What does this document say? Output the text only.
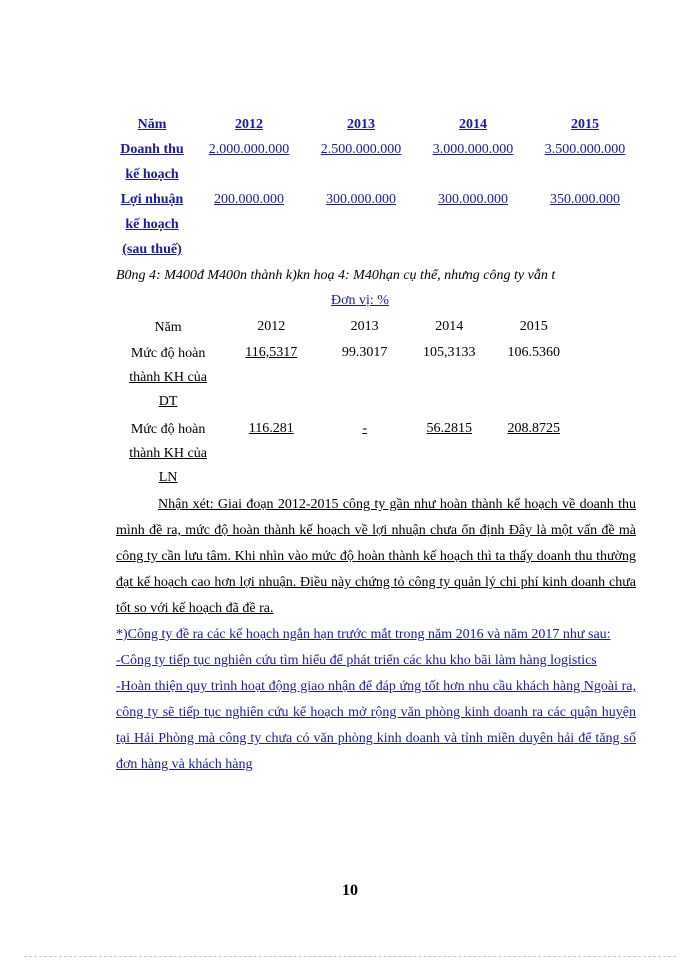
Năm	2012	2013	2014	2015
Doanh thu
kế hoạch
2.000.000.000	2.500.000.000	3.000.000.000	3.500.000.000
Lợi nhuận
kế hoạch
(sau thuế)
200.000.000	300.000.000	300.000.000	350.000.000
B0ng 4: M400đ M400n thành k)kn hoạ 4: M40hạn cụ thể, nhưng công ty vẫn t
Đơn vị: %
Năm	2012	2013	2014	2015
Mức độ hoàn
thành KH của
DT
116,5317	99.3017	105,3133	106.5360
Mức độ hoàn
thành KH của
LN
116.281	-	56.2815	208.8725

Nhận xét: Giai đoạn 2012-2015 công ty gần như hoàn thành kế hoạch về doanh thu mình đề ra, mức độ hoàn thành kế hoạch về lợi nhuận chưa ổn định Đây là một vấn đề mà công ty cần lưu tâm. Khi nhìn vào mức độ hoàn thành kế hoạch thì ta thấy doanh thu thường đạt kế hoạch cao hơn lợi nhuận. Điều này chứng tỏ công ty quản lý chi phí kinh doanh chưa tốt so với kế hoạch đã đề ra.

*)Công ty đề ra các kế hoạch ngắn hạn trước mắt trong năm 2016 và năm 2017 như sau:

-Công ty tiếp tục nghiên cứu tìm hiểu để phát triển các khu kho bãi làm hàng logistics

-Hoàn thiện quy trình hoạt động giao nhận để đáp ứng tốt hơn nhu cầu khách hàng Ngoài ra, công ty sẽ tiếp tục nghiên cứu kế hoạch mở rộng văn phòng kinh doanh ra các quận huyện tại Hải Phòng mà công ty chưa có văn phòng kinh doanh và tỉnh miền duyên hải để tăng số đơn hàng và khách hàng

10
